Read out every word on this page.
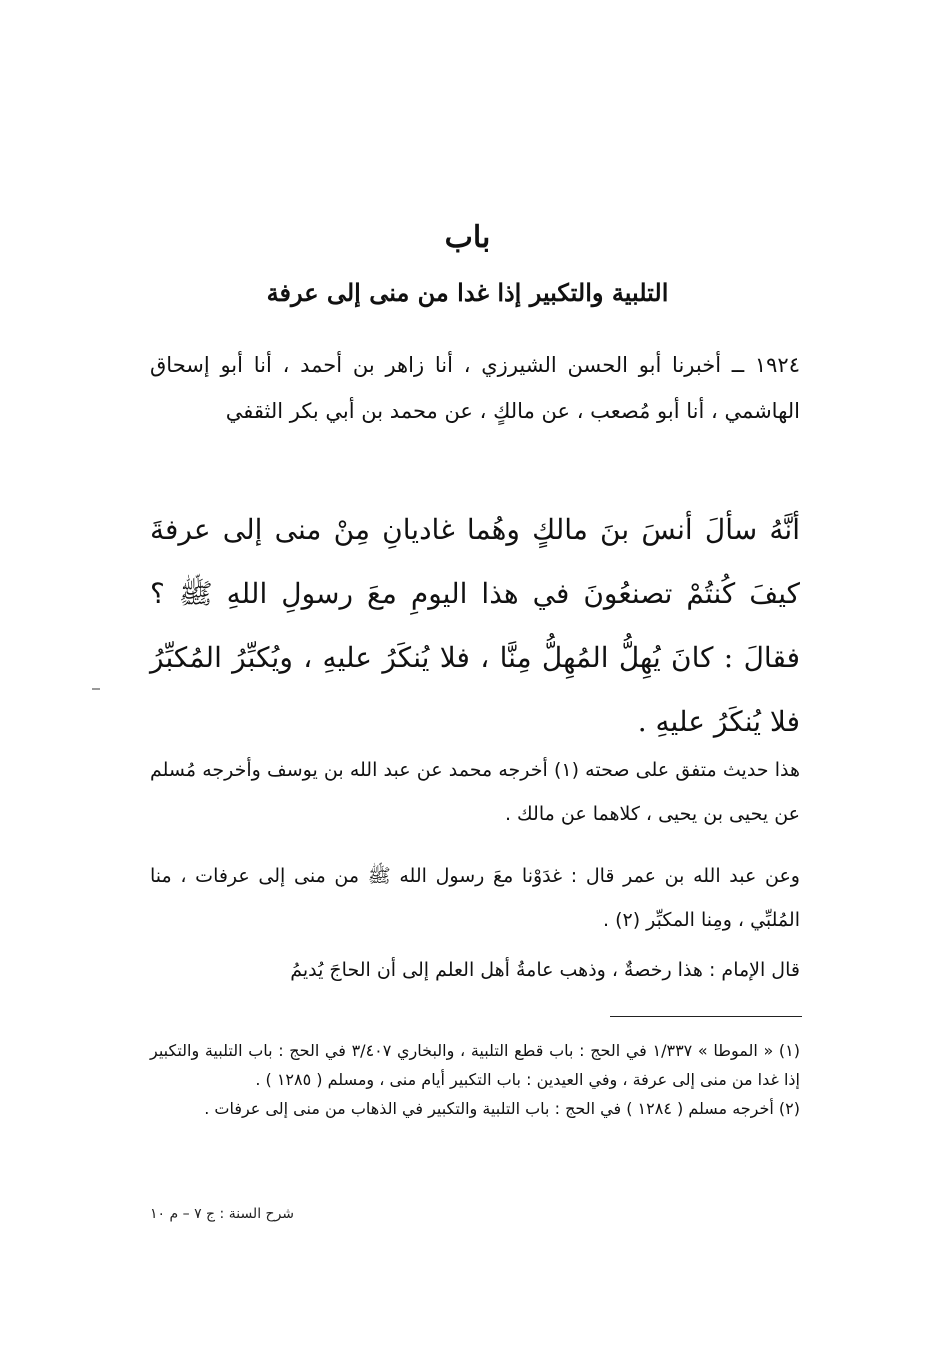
باب
التلبية والتكبير إذا غدا من منى إلى عرفة

١٩٢٤ ــ أخبرنا أبو الحسن الشيرزي ، أنا زاهر بن أحمد ، أنا أبو إسحاق الهاشمي ، أنا أبو مُصعب ، عن مالكٍ ، عن محمد بن أبي بكر الثقفي

أنَّهُ سألَ أنسَ بنَ مالكٍ وهُما غاديانِ مِنْ منى إلى عرفةَ كيفَ كُنتُمْ تصنعُونَ في هذا اليومِ معَ رسولِ اللهِ ﷺ ؟ فقالَ : كانَ يُهِلُّ المُهِلُّ مِنَّا ، فلا يُنكَرُ عليهِ ، ويُكبِّرُ المُكبِّرُ فلا يُنكَرُ عليهِ .

هذا حديث متفق على صحته (١) أخرجه محمد عن عبد الله بن يوسف وأخرجه مُسلم عن يحيى بن يحيى ، كلاهما عن مالك .

وعن عبد الله بن عمر قال : غدَوْنا معَ رسول الله ﷺ من منى إلى عرفات ، منا المُلبِّي ، ومِنا المكبِّر (٢) .

قال الإمام : هذا رخصةٌ ، وذهب عامةُ أهل العلم إلى أن الحاجَ يُديمُ

(١) « الموطا » ١/٣٣٧ في الحج : باب قطع التلبية ، والبخاري ٣/٤٠٧ في الحج : باب التلبية والتكبير إذا غدا من منى إلى عرفة ، وفي العيدين : باب التكبير أيام منى ، ومسلم ( ١٢٨٥ ) .

(٢) أخرجه مسلم ( ١٢٨٤ ) في الحج : باب التلبية والتكبير في الذهاب من منى إلى عرفات .

شرح السنة : ج ٧ – م ١٠
